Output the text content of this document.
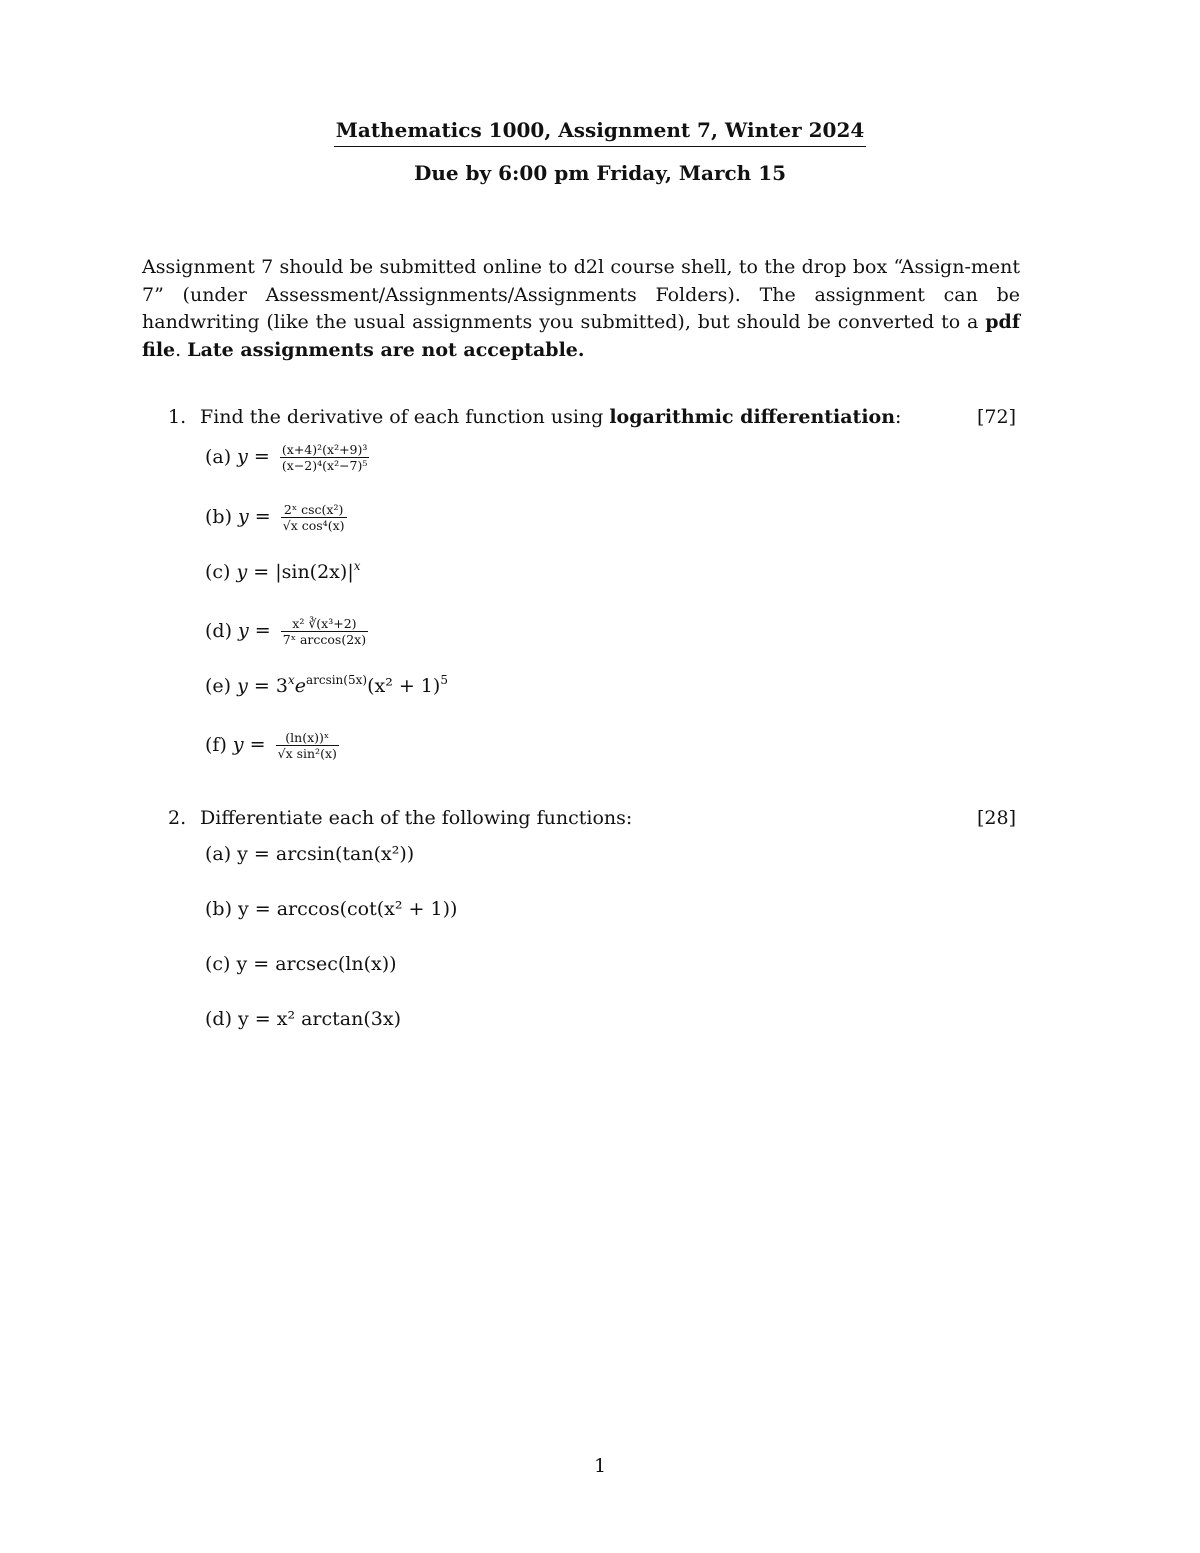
Mathematics 1000, Assignment 7, Winter 2024
Due by 6:00 pm Friday, March 15
Assignment 7 should be submitted online to d2l course shell, to the drop box “Assign-ment 7” (under Assessment/Assignments/Assignments Folders). The assignment can be handwriting (like the usual assignments you submitted), but should be converted to a pdf file. Late assignments are not acceptable.
1. Find the derivative of each function using logarithmic differentiation:	[72]
(a) $y = \frac{\text{(x+4)²(x²+9)³}}{\text{(x−2)⁴(x²−7)⁵}}$
(b) $y = \frac{\text{2ˣ csc(x²)}}{\text{√x cos⁴(x)}}$
(c) $y = |\sin(2x)|^x$
(d) $y = \frac{\text{x² ∛(x³+2)}}{\text{7ˣ arccos(2x)}}$
(e) $y = 3^xe^{arcsin(5x)}(x^2 + 1)^5$
(f) $y = \frac{\text{(ln(x))ˣ}}{\text{√x sin²(x)}}$
2. Differentiate each of the following functions:	[28]
(a) y = arcsin(tan(x²))
(b) y = arccos(cot(x² + 1))
(c) y = arcsec(ln(x))
(d) y = x² arctan(3x)
1
